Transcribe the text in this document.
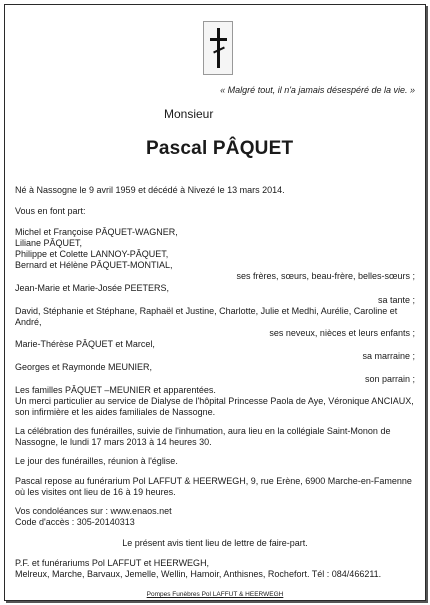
« Malgré tout, il n'a jamais désespéré de la vie. »
Monsieur
Pascal PÂQUET
Né à Nassogne le 9 avril 1959 et décédé à Nivezé le 13 mars 2014.
Vous en font part:
Michel et Françoise PÂQUET-WAGNER,
Liliane PÂQUET,
Philippe et Colette LANNOY-PÂQUET,
Bernard et Hélène PÂQUET-MONTIAL,
ses frères, sœurs, beau-frère, belles-sœurs ;
Jean-Marie et Marie-Josée PEETERS,
sa tante ;
David, Stéphanie et Stéphane, Raphaël et Justine, Charlotte, Julie et Medhi, Aurélie, Caroline et André,
ses neveux, nièces et leurs enfants ;
Marie-Thérèse PÂQUET et Marcel,
sa marraine ;
Georges et Raymonde MEUNIER,
son parrain ;
Les familles PÂQUET –MEUNIER et apparentées.
Un merci particulier au service de Dialyse de l'hôpital Princesse Paola de Aye, Véronique ANCIAUX, son infirmière et les aides familiales de Nassogne.
La célébration des funérailles, suivie de l'inhumation, aura lieu en la collégiale Saint-Monon de Nassogne, le lundi 17 mars 2013 à 14 heures 30.
Le jour des funérailles, réunion à l'église.
Pascal repose au funérarium Pol LAFFUT & HEERWEGH, 9, rue Erène, 6900 Marche-en-Famenne où les visites ont lieu de 16 à 19 heures.
Vos condoléances sur : www.enaos.net
Code d'accès : 305-20140313
Le présent avis tient lieu de lettre de faire-part.
P.F. et funérariums Pol LAFFUT et HEERWEGH,
Melreux, Marche, Barvaux, Jemelle, Wellin, Hamoir, Anthisnes, Rochefort. Tél : 084/466211.
Pompes Funèbres Pol LAFFUT & HEERWEGH
